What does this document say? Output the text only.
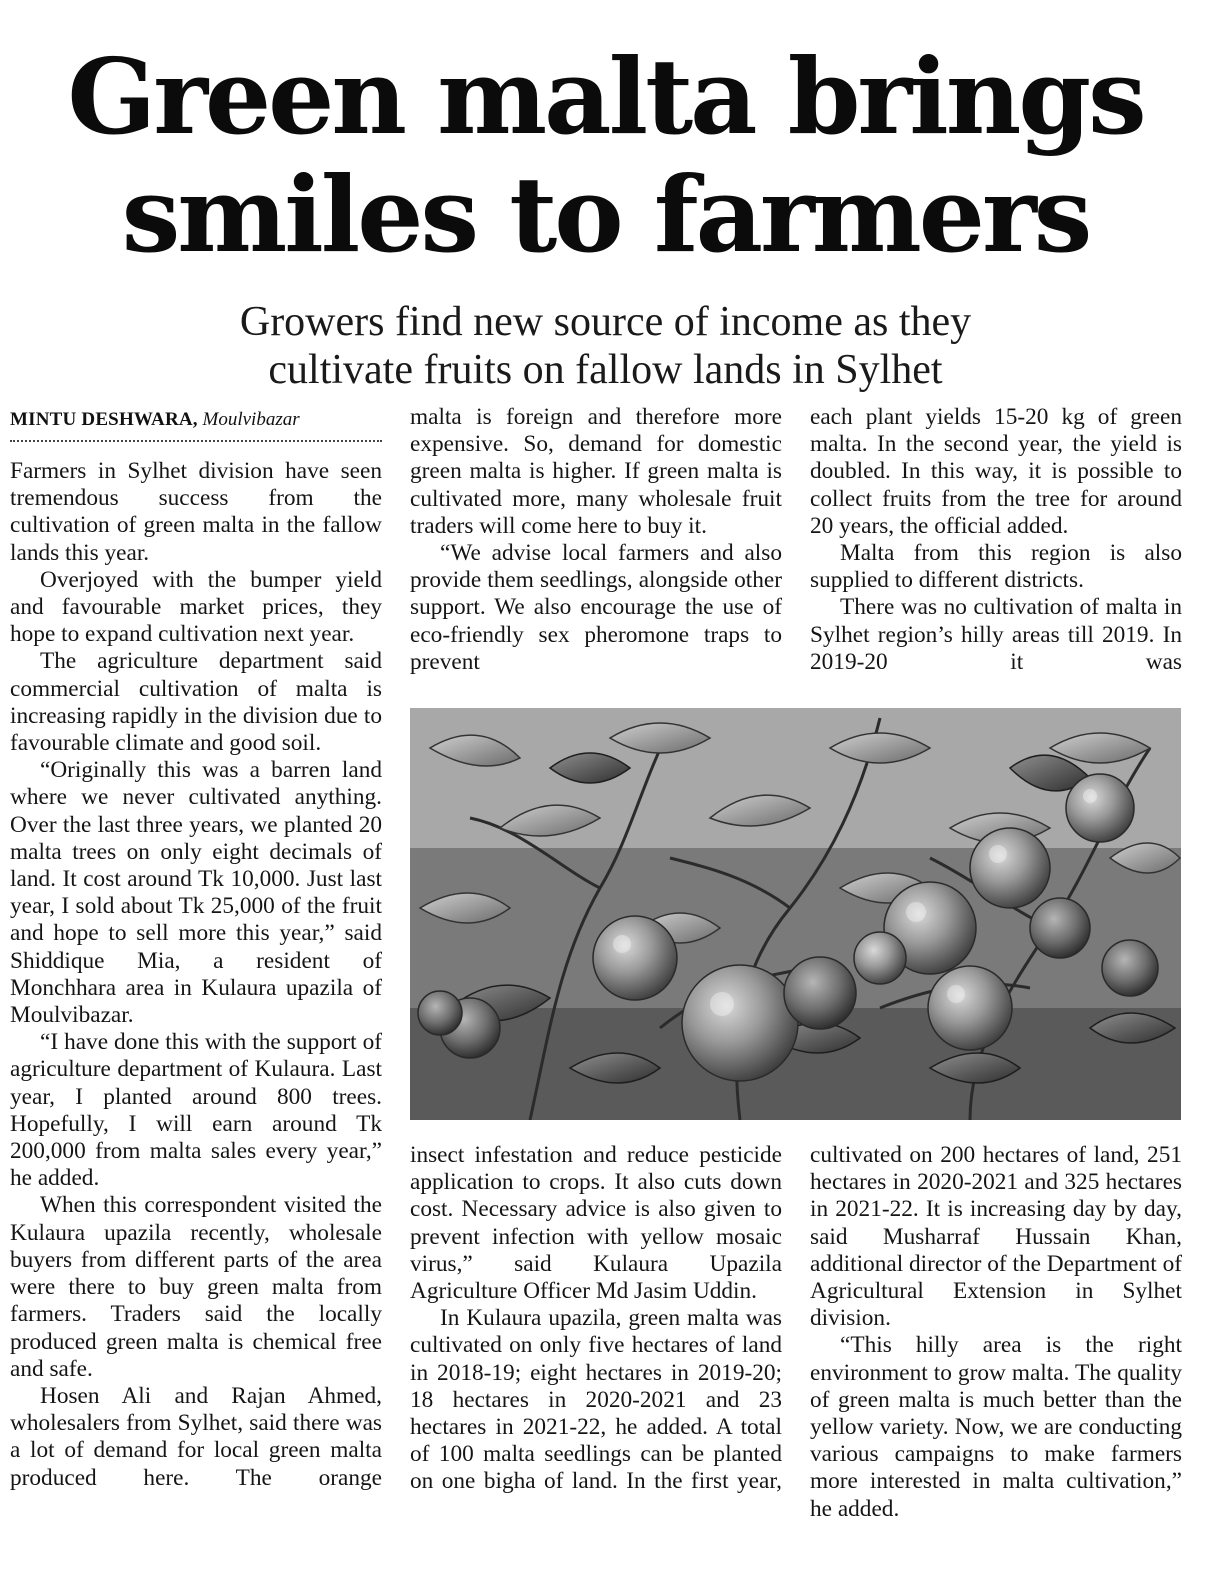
Green malta brings
smiles to farmers
Growers find new source of income as they
cultivate fruits on fallow lands in Sylhet
MINTU DESHWARA, Moulvibazar

Farmers in Sylhet division have seen tremendous success from the cultivation of green malta in the fallow lands this year.

Overjoyed with the bumper yield and favourable market prices, they hope to expand cultivation next year.

The agriculture department said commercial cultivation of malta is increasing rapidly in the division due to favourable climate and good soil.

“Originally this was a barren land where we never cultivated anything. Over the last three years, we planted 20 malta trees on only eight decimals of land. It cost around Tk 10,000. Just last year, I sold about Tk 25,000 of the fruit and hope to sell more this year,” said Shiddique Mia, a resident of Monchhara area in Kulaura upazila of Moulvibazar.

“I have done this with the support of agriculture department of Kulaura. Last year, I planted around 800 trees. Hopefully, I will earn around Tk 200,000 from malta sales every year,” he added.

When this correspondent visited the Kulaura upazila recently, wholesale buyers from different parts of the area were there to buy green malta from farmers. Traders said the locally produced green malta is chemical free and safe.

Hosen Ali and Rajan Ahmed, wholesalers from Sylhet, said there was a lot of demand for local green malta produced here. The orange

malta is foreign and therefore more expensive. So, demand for domestic green malta is higher. If green malta is cultivated more, many wholesale fruit traders will come here to buy it.

“We advise local farmers and also provide them seedlings, alongside other support. We also encourage the use of eco-friendly sex pheromone traps to prevent

each plant yields 15-20 kg of green malta. In the second year, the yield is doubled. In this way, it is possible to collect fruits from the tree for around 20 years, the official added.

Malta from this region is also supplied to different districts.

There was no cultivation of malta in Sylhet region’s hilly areas till 2019. In 2019-20 it was

insect infestation and reduce pesticide application to crops. It also cuts down cost. Necessary advice is also given to prevent infection with yellow mosaic virus,” said Kulaura Upazila Agriculture Officer Md Jasim Uddin.

In Kulaura upazila, green malta was cultivated on only five hectares of land in 2018-19; eight hectares in 2019-20; 18 hectares in 2020-2021 and 23 hectares in 2021-22, he added. A total of 100 malta seedlings can be planted on one bigha of land. In the first year,

cultivated on 200 hectares of land, 251 hectares in 2020-2021 and 325 hectares in 2021-22. It is increasing day by day, said Musharraf Hussain Khan, additional director of the Department of Agricultural Extension in Sylhet division.

“This hilly area is the right environment to grow malta. The quality of green malta is much better than the yellow variety. Now, we are conducting various campaigns to make farmers more interested in malta cultivation,” he added.
